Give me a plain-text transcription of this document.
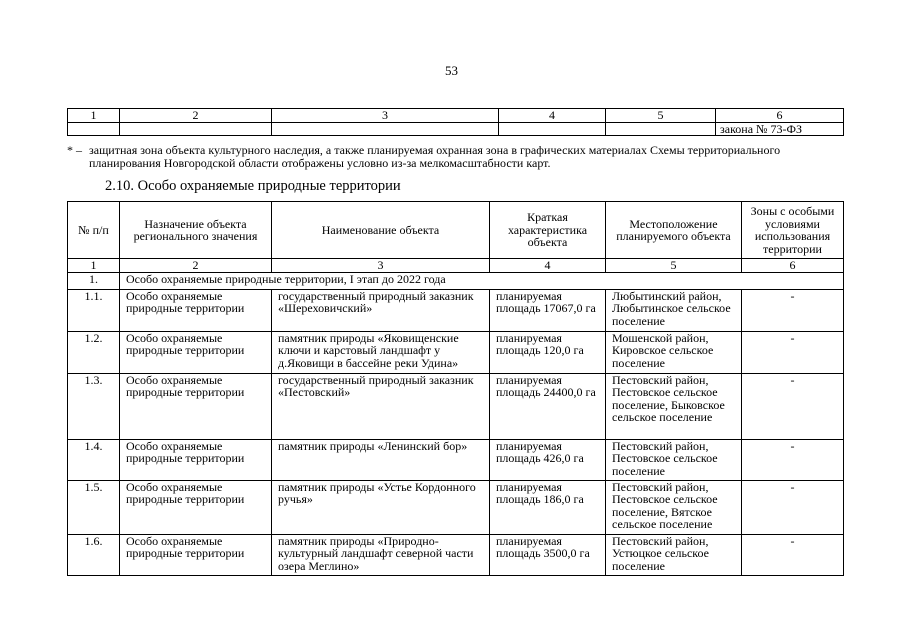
53
1	2	3	4	5	6
					закона № 73-ФЗ
* – защитная зона объекта культурного наследия, а также планируемая охранная зона в графических материалах Схемы территориального
планирования Новгородской области отображены условно из-за мелкомасштабности карт.
2.10. Особо охраняемые природные территории
№ п/п	Назначение объекта регионального значения	Наименование объекта	Краткая характеристика объекта	Местоположение планируемого объекта	Зоны с особыми условиями использования территории
1	2	3	4	5	6
1.	Особо охраняемые природные территории, I этап до 2022 года				
1.1.	Особо охраняемые природные территории	государственный природный заказник «Шереховичский»	планируемая площадь 17067,0 га	Любытинский район, Любытинское сельское поселение	-
1.2.	Особо охраняемые природные территории	памятник природы «Яковищенские ключи и карстовый ландшафт у д.Яковищи в бассейне реки Удина»	планируемая площадь 120,0 га	Мошенской район, Кировское сельское поселение	-
1.3.	Особо охраняемые природные территории	государственный природный заказник «Пестовский»	планируемая площадь 24400,0 га	Пестовский район, Пестовское сельское поселение, Быковское сельское поселение	-
1.4.	Особо охраняемые природные территории	памятник природы «Ленинский бор»	планируемая площадь 426,0 га	Пестовский район, Пестовское сельское поселение	-
1.5.	Особо охраняемые природные территории	памятник природы «Устье Кордонного ручья»	планируемая площадь 186,0 га	Пестовский район, Пестовское сельское поселение, Вятское сельское поселение	-
1.6.	Особо охраняемые природные территории	памятник природы «Природно-культурный ландшафт северной части озера Меглино»	планируемая площадь 3500,0 га	Пестовский район, Устюцкое сельское поселение	-
